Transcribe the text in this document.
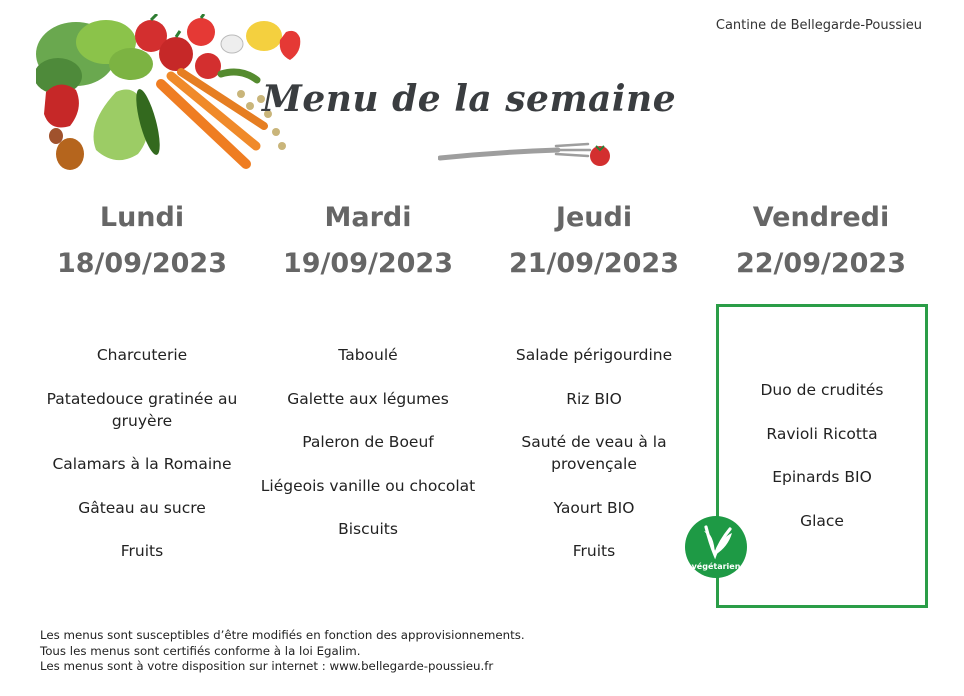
Cantine de Bellegarde-Poussieu
Menu de la semaine
Lundi
18/09/2023
Charcuterie
Patatedouce gratinée au gruyère
Calamars à la Romaine
Gâteau au sucre
Fruits
Mardi
19/09/2023
Taboulé
Galette aux légumes
Paleron de Boeuf
Liégeois vanille ou chocolat
Biscuits
Jeudi
21/09/2023
Salade périgourdine
Riz BIO
Sauté de veau à la provençale
Yaourt BIO
Fruits
Vendredi
22/09/2023
Duo de crudités
Ravioli Ricotta
Epinards BIO
Glace
végétarien
Les menus sont susceptibles d’être modifiés en fonction des approvisionnements.
Tous les menus sont certifiés conforme à la loi Egalim.
Les menus sont à votre disposition sur internet : www.bellegarde-poussieu.fr
